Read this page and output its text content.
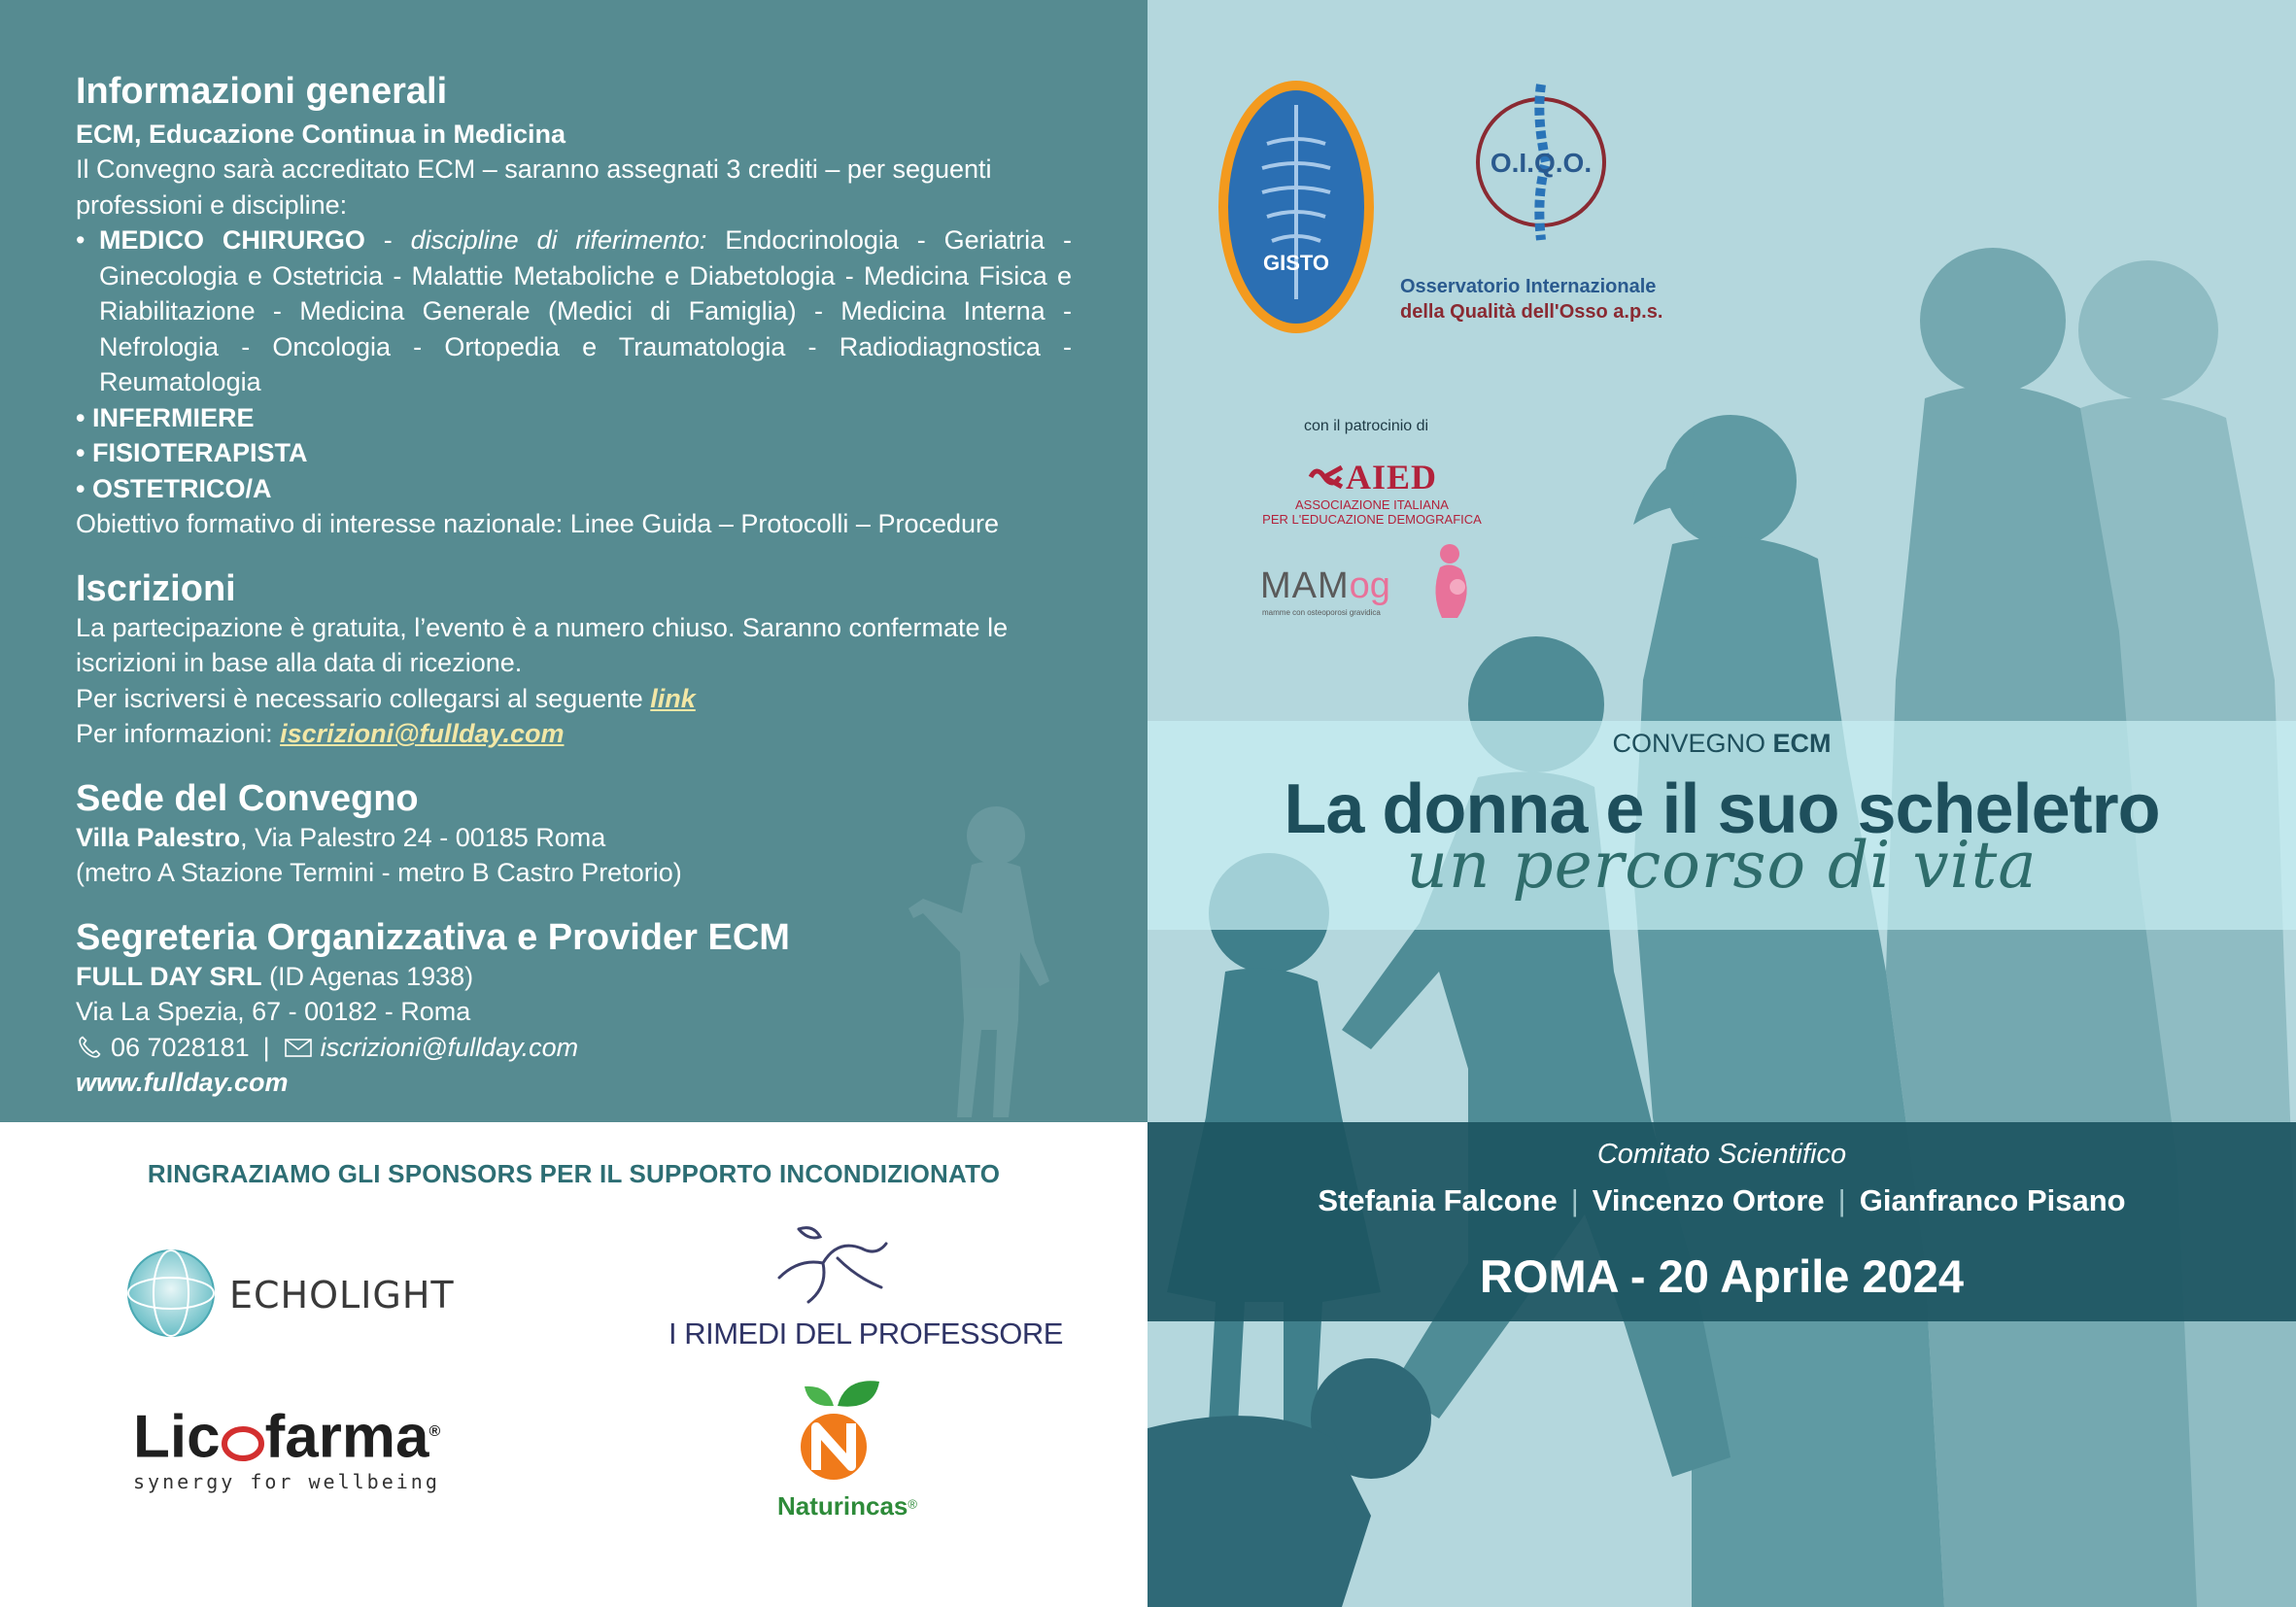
Informazioni generali
ECM, Educazione Continua in Medicina
Il Convegno sarà accreditato ECM – saranno assegnati 3 crediti – per seguenti
professioni e discipline:
• MEDICO CHIRURGO - discipline di riferimento: Endocrinologia - Geriatria - Ginecologia e Ostetricia - Malattie Metaboliche e Diabetologia - Medicina Fisica e Riabilitazione - Medicina Generale (Medici di Famiglia) - Medicina Interna - Nefrologia - Oncologia - Ortopedia e Traumatologia - Radiodiagnostica - Reumatologia
• INFERMIERE
• FISIOTERAPISTA
• OSTETRICO/A
Obiettivo formativo di interesse nazionale: Linee Guida – Protocolli – Procedure
Iscrizioni
La partecipazione è gratuita, l’evento è a numero chiuso. Saranno confermate le
iscrizioni in base alla data di ricezione.
Per iscriversi è necessario collegarsi al seguente link
Per informazioni: iscrizioni@fullday.com
Sede del Convegno
Villa Palestro, Via Palestro 24 - 00185 Roma
(metro A Stazione Termini - metro B Castro Pretorio)
Segreteria Organizzativa e Provider ECM
FULL DAY SRL (ID Agenas 1938)
Via La Spezia, 67 - 00182 - Roma
06 7028181 | iscrizioni@fullday.com
www.fullday.com
RINGRAZIAMO GLI SPONSORS PER IL SUPPORTO INCONDIZIONATO
ECHOLIGHT
I RIMEDI DEL PROFESSORE
Lic farma®
synergy for wellbeing
Naturincas®
GISTO
O.I.Q.O.
Osservatorio Internazionale
della Qualità dell'Osso a.p.s.
con il patrocinio di
AIED
ASSOCIAZIONE ITALIANA
PER L'EDUCAZIONE DEMOGRAFICA
MAMog
mamme con osteoporosi gravidica
CONVEGNO ECM
La donna e il suo scheletro
un percorso di vita
Comitato Scientifico
Stefania Falcone | Vincenzo Ortore | Gianfranco Pisano
ROMA - 20 Aprile 2024
